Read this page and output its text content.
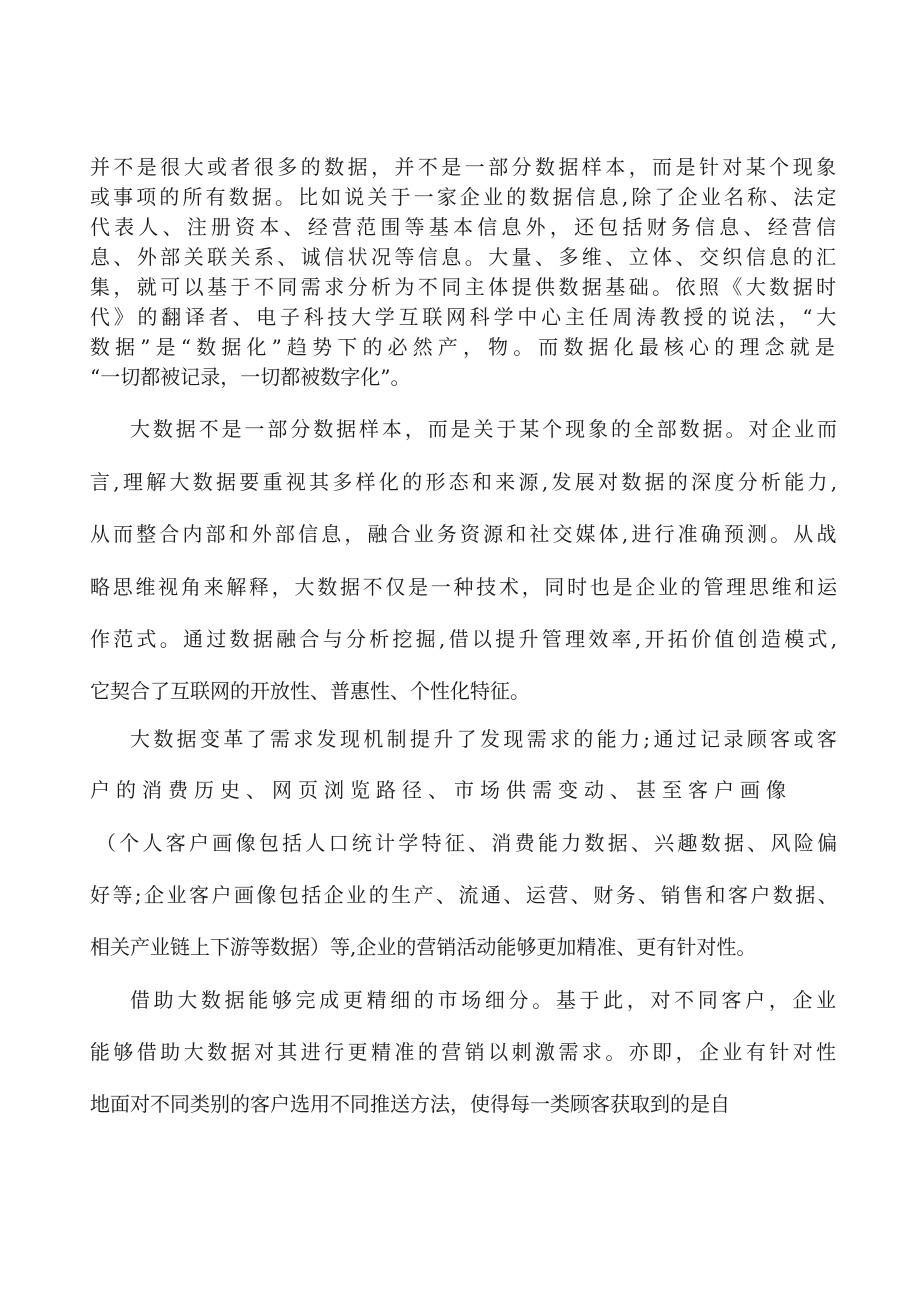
并不是很大或者很多的数据，并不是一部分数据样本，而是针对某个现象
或事项的所有数据。比如说关于一家企业的数据信息,除了企业名称、法定
代表人、注册资本、经营范围等基本信息外，还包括财务信息、经营信
息、外部关联关系、诚信状况等信息。大量、多维、立体、交织信息的汇
集，就可以基于不同需求分析为不同主体提供数据基础。依照《大数据时
代》的翻译者、电子科技大学互联网科学中心主任周涛教授的说法，“大
数据”是“数据化”趋势下的必然产，物。而数据化最核心的理念就是
“一切都被记录，一切都被数字化”。
大数据不是一部分数据样本，而是关于某个现象的全部数据。对企业而
言,理解大数据要重视其多样化的形态和来源,发展对数据的深度分析能力,
从而整合内部和外部信息，融合业务资源和社交媒体,进行准确预测。从战
略思维视角来解释，大数据不仅是一种技术，同时也是企业的管理思维和运
作范式。通过数据融合与分析挖掘,借以提升管理效率,开拓价值创造模式,
它契合了互联网的开放性、普惠性、个性化特征。
大数据变革了需求发现机制提升了发现需求的能力;通过记录顾客或客
户的消费历史、网页浏览路径、市场供需变动、甚至客户画像
（个人客户画像包括人口统计学特征、消费能力数据、兴趣数据、风险偏
好等;企业客户画像包括企业的生产、流通、运营、财务、销售和客户数据、
相关产业链上下游等数据）等,企业的营销活动能够更加精准、更有针对性。
借助大数据能够完成更精细的市场细分。基于此，对不同客户，企业
能够借助大数据对其进行更精准的营销以刺激需求。亦即，企业有针对性
地面对不同类别的客户选用不同推送方法，使得每一类顾客获取到的是自
